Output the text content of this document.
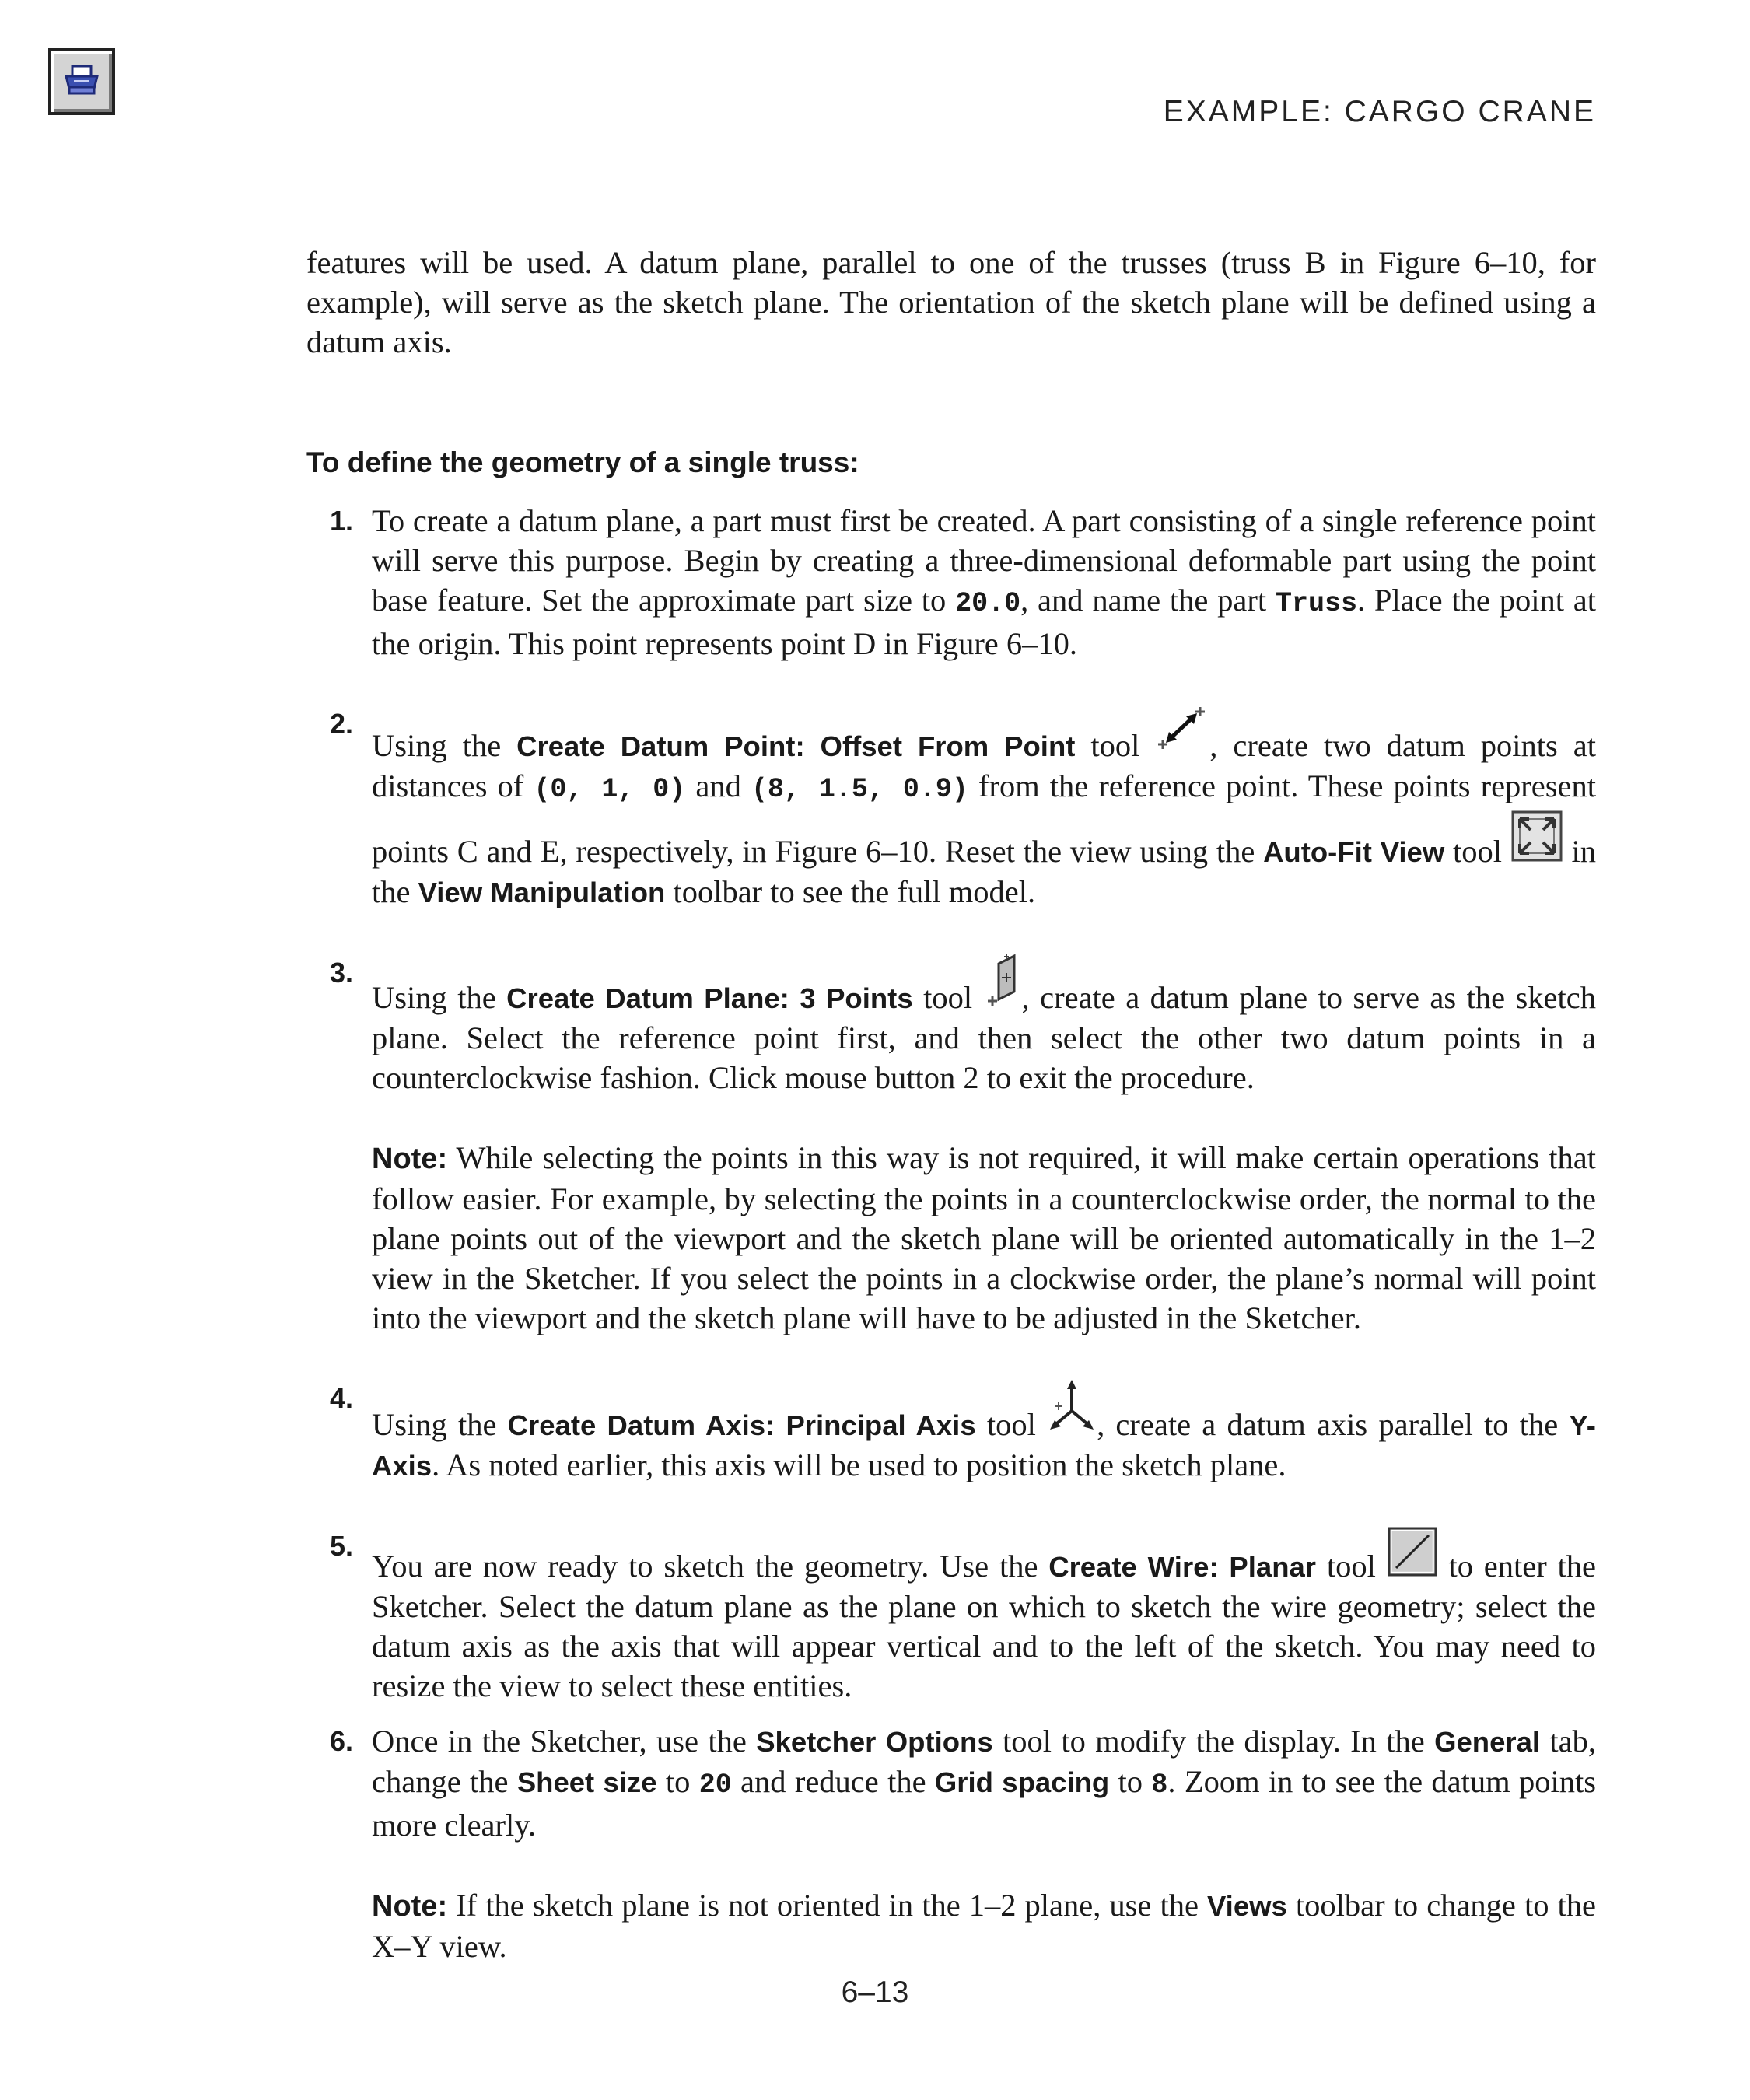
EXAMPLE: CARGO CRANE

features will be used. A datum plane, parallel to one of the trusses (truss B in Figure 6–10, for example), will serve as the sketch plane. The orientation of the sketch plane will be defined using a datum axis.

To define the geometry of a single truss:

1. To create a datum plane, a part must first be created. A part consisting of a single reference point will serve this purpose. Begin by creating a three-dimensional deformable part using the point base feature. Set the approximate part size to 20.0, and name the part Truss. Place the point at the origin. This point represents point D in Figure 6–10.

2.

Using the Create Datum Point: Offset From Point tool , create two datum points at distances of (0, 1, 0) and (8, 1.5, 0.9) from the reference point. These points represent points C and E, respectively, in Figure 6–10. Reset the view using the Auto-Fit View tool  in the View Manipulation toolbar to see the full model.

3.

Using the Create Datum Plane: 3 Points tool , create a datum plane to serve as the sketch plane. Select the reference point first, and then select the other two datum points in a counterclockwise fashion. Click mouse button 2 to exit the procedure.

Note: While selecting the points in this way is not required, it will make certain operations that follow easier. For example, by selecting the points in a counterclockwise order, the normal to the plane points out of the viewport and the sketch plane will be oriented automatically in the 1–2 view in the Sketcher. If you select the points in a clockwise order, the plane’s normal will point into the viewport and the sketch plane will have to be adjusted in the Sketcher.

4.

Using the Create Datum Axis: Principal Axis tool , create a datum axis parallel to the Y-Axis. As noted earlier, this axis will be used to position the sketch plane.

5.

You are now ready to sketch the geometry. Use the Create Wire: Planar tool  to enter the Sketcher. Select the datum plane as the plane on which to sketch the wire geometry; select the datum axis as the axis that will appear vertical and to the left of the sketch. You may need to resize the view to select these entities.

6. Once in the Sketcher, use the Sketcher Options tool to modify the display. In the General tab, change the Sheet size to 20 and reduce the Grid spacing to 8. Zoom in to see the datum points more clearly.

Note: If the sketch plane is not oriented in the 1–2 plane, use the Views toolbar to change to the X–Y view.

6–13
